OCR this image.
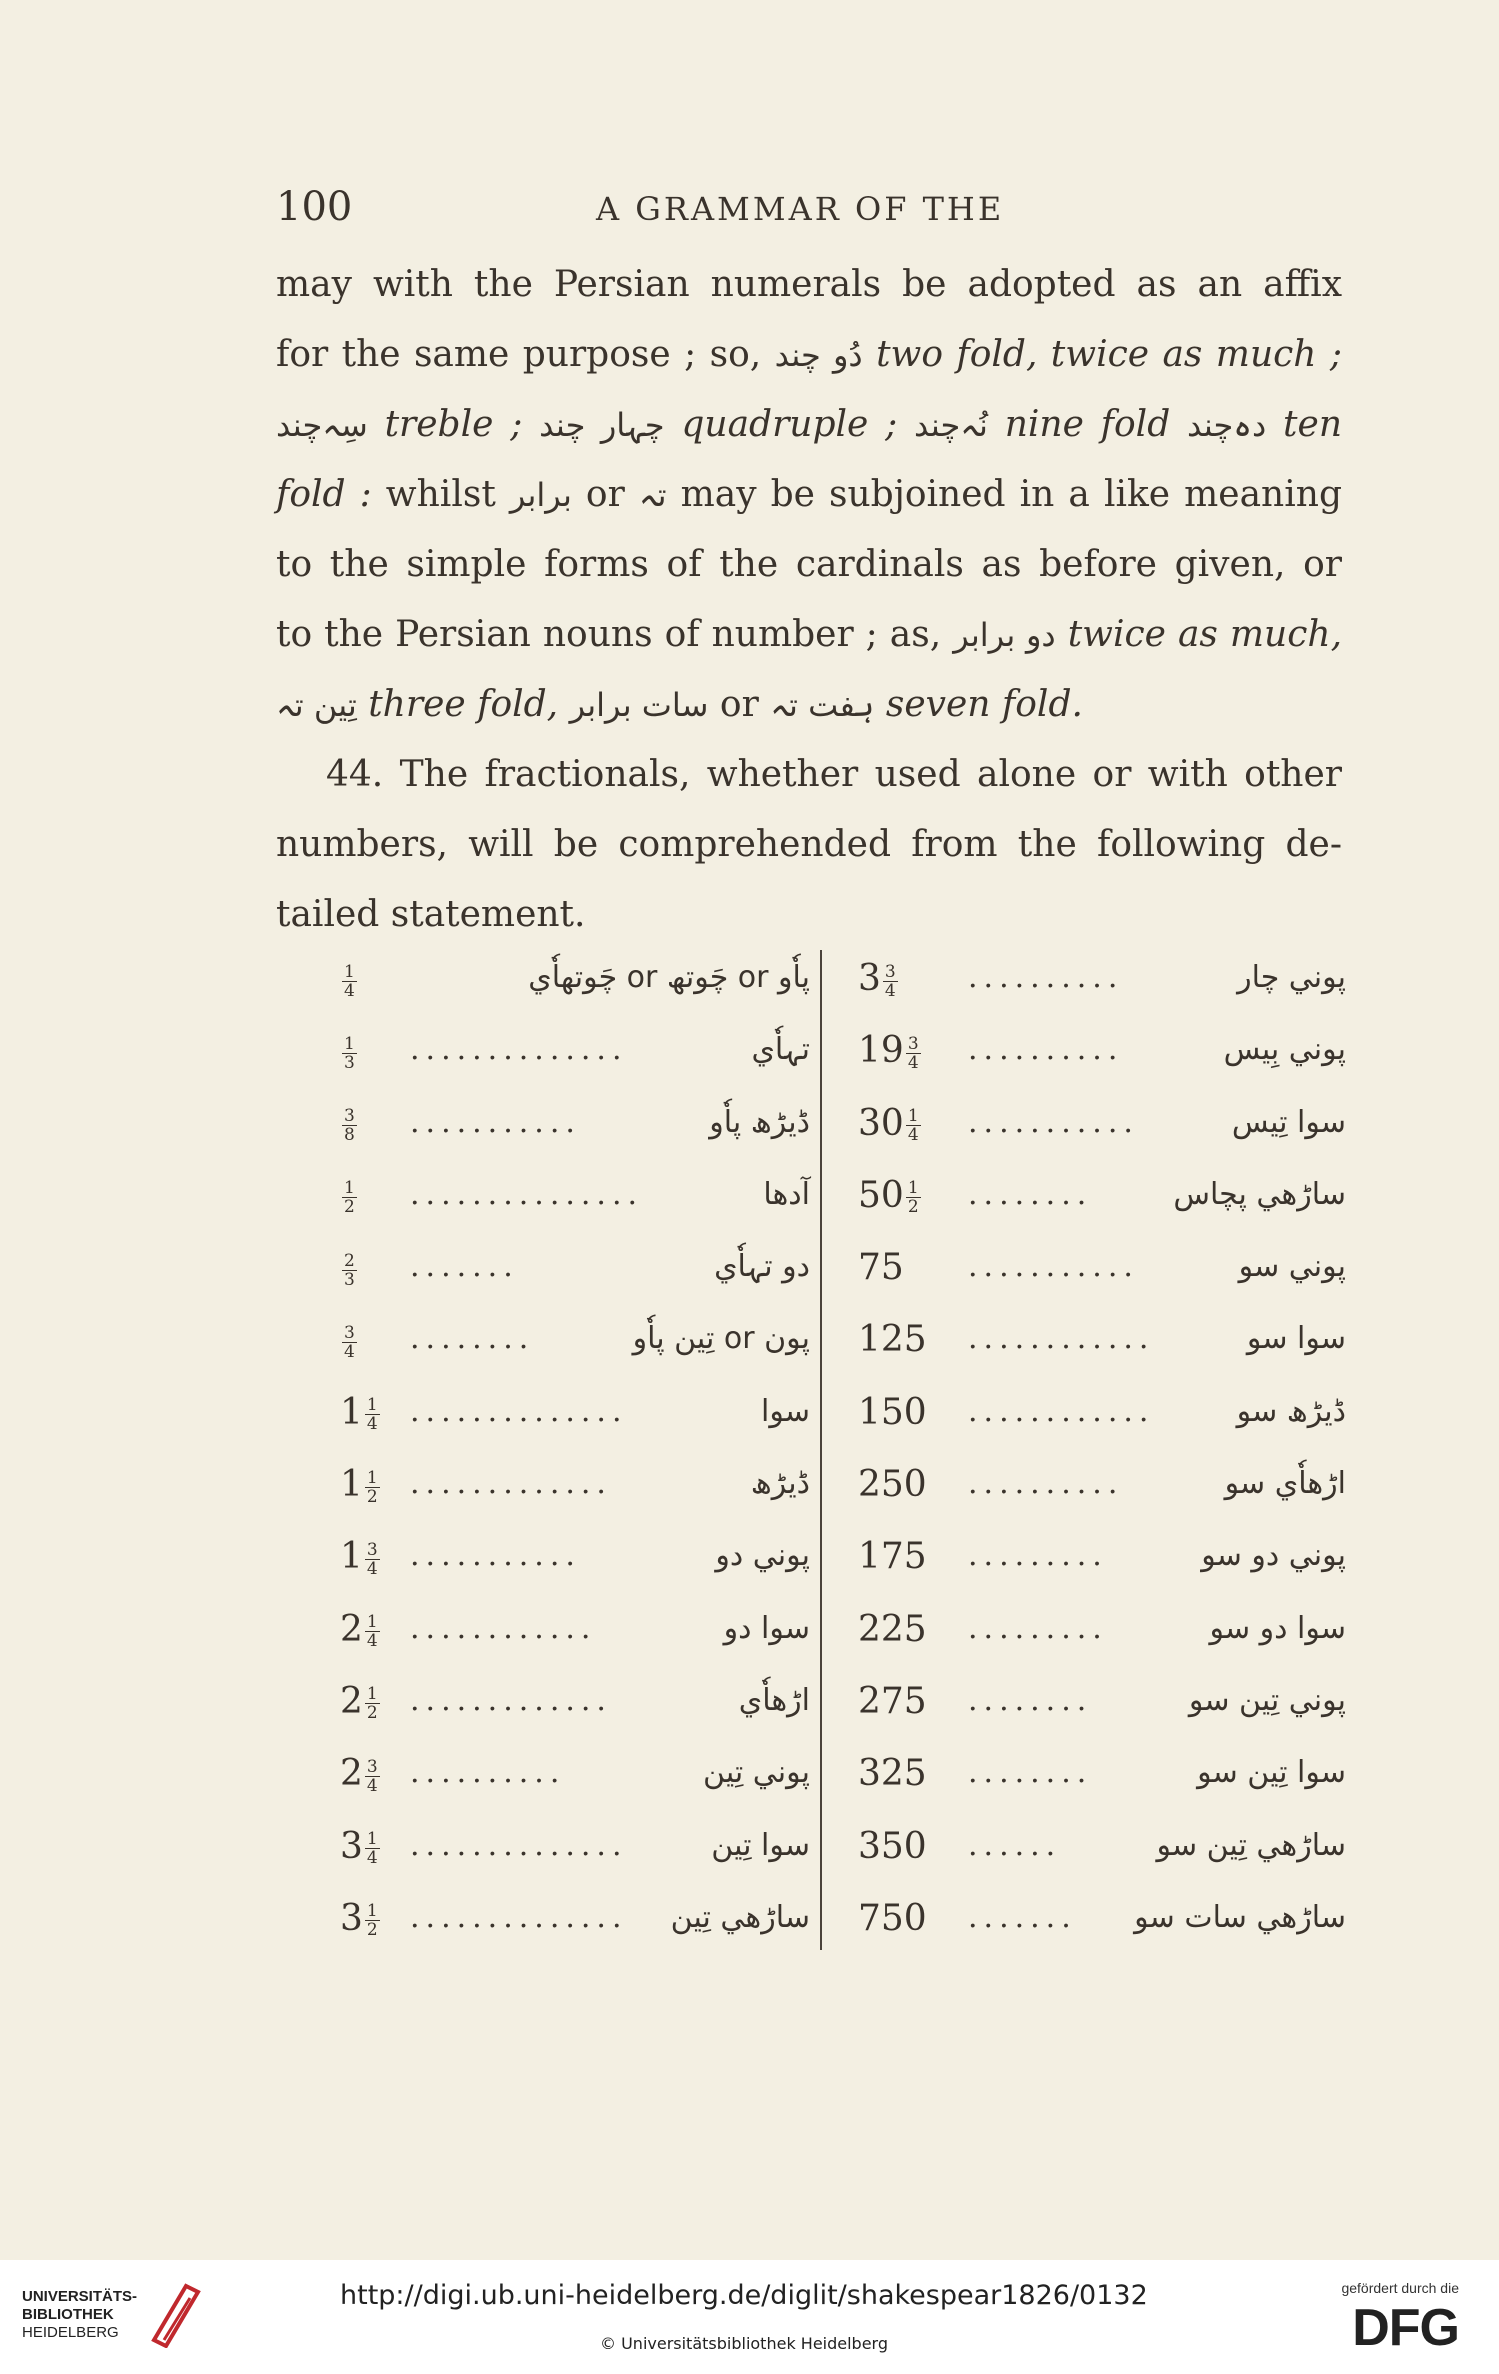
100	A GRAMMAR OF THE
may with the Persian numerals be adopted as an affix
for the same purpose ; so, دُو چند two fold, twice as much ;
سِہ‌چند treble ; چہار چند quadruple ; نُہ‌چند nine fold دہ‌چند ten
fold : whilst برابر or تہ may be subjoined in a like meaning
to the simple forms of the cardinals as before given, or
to the Persian nouns of number ; as, دو برابر twice as much,
تِین تہ three fold, سات برابر or ہفت تہ seven fold.
44. The fractionals, whether used alone or with other
numbers, will be comprehended from the following de-
tailed statement.
$\frac{1}{4}$	پاٗو or چَوتھ or چَوتھاٗي
$\frac{1}{3}$ ..............	تہاٗي
$\frac{3}{8}$ ...........	ڈیڑھ پاٗو
$\frac{1}{2}$ ...............	آدھا
$\frac{2}{3}$ .......	دو تہاٗي
$\frac{3}{4}$ ........	پون or تِین پاٗو
$1 \frac{1}{4}$ ..............	سوا
$1 \frac{1}{2}$ .............	ڈیڑھ
$1 \frac{3}{4}$ ...........	پوني دو
$2 \frac{1}{4}$ ............	سوا دو
$2 \frac{1}{2}$ .............	اڑھاٗي
$2 \frac{3}{4}$ ..........	پوني تِین
$3 \frac{1}{4}$ ..............	سوا تِین
$3 \frac{1}{2}$ ..............	ساڑھي تِین
$3 \frac{3}{4}$ ..........	پوني چار
$19 \frac{3}{4}$ ..........	پوني بِیس
$30 \frac{1}{4}$ ...........	سوا تِیس
$50 \frac{1}{2}$ ........	ساڑھي پچاس
75 ...........	پوني سو
125 ............	سوا سو
150 ............	ڈیڑھ سو
250 ..........	اڑھاٗي سو
175 .........	پوني دو سو
225 .........	سوا دو سو
275 ........	پوني تِین سو
325 ........	سوا تِین سو
350 ......	ساڑھي تِین سو
750 .......	ساڑھي سات سو
UNIVERSITÄTS-
BIBLIOTHEK
HEIDELBERG
http://digi.ub.uni-heidelberg.de/diglit/shakespear1826/0132
© Universitätsbibliothek Heidelberg
gefördert durch die
DFG
